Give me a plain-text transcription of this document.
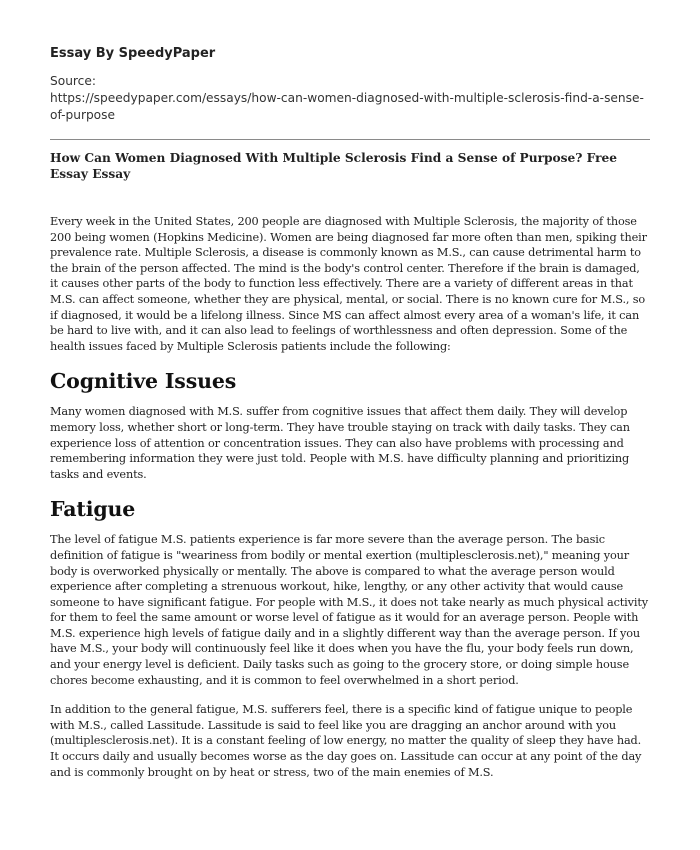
Essay By SpeedyPaper
Source:
https://speedypaper.com/essays/how-can-women-diagnosed-with-multiple-sclerosis-find-a-sense-of-purpose
How Can Women Diagnosed With Multiple Sclerosis Find a Sense of Purpose? Free Essay Essay

Every week in the United States, 200 people are diagnosed with Multiple Sclerosis, the majority of those 200 being women (Hopkins Medicine). Women are being diagnosed far more often than men, spiking their prevalence rate. Multiple Sclerosis, a disease is commonly known as M.S., can cause detrimental harm to the brain of the person affected. The mind is the body's control center. Therefore if the brain is damaged, it causes other parts of the body to function less effectively. There are a variety of different areas in that M.S. can affect someone, whether they are physical, mental, or social. There is no known cure for M.S., so if diagnosed, it would be a lifelong illness. Since MS can affect almost every area of a woman's life, it can be hard to live with, and it can also lead to feelings of worthlessness and often depression. Some of the health issues faced by Multiple Sclerosis patients include the following:

Cognitive Issues

Many women diagnosed with M.S. suffer from cognitive issues that affect them daily. They will develop memory loss, whether short or long-term. They have trouble staying on track with daily tasks. They can experience loss of attention or concentration issues. They can also have problems with processing and remembering information they were just told. People with M.S. have difficulty planning and prioritizing tasks and events.

Fatigue

The level of fatigue M.S. patients experience is far more severe than the average person. The basic definition of fatigue is "weariness from bodily or mental exertion (multiplesclerosis.net)," meaning your body is overworked physically or mentally. The above is compared to what the average person would experience after completing a strenuous workout, hike, lengthy, or any other activity that would cause someone to have significant fatigue. For people with M.S., it does not take nearly as much physical activity for them to feel the same amount or worse level of fatigue as it would for an average person. People with M.S. experience high levels of fatigue daily and in a slightly different way than the average person. If you have M.S., your body will continuously feel like it does when you have the flu, your body feels run down, and your energy level is deficient. Daily tasks such as going to the grocery store, or doing simple house chores become exhausting, and it is common to feel overwhelmed in a short period.

In addition to the general fatigue, M.S. sufferers feel, there is a specific kind of fatigue unique to people with M.S., called Lassitude. Lassitude is said to feel like you are dragging an anchor around with you (multiplesclerosis.net). It is a constant feeling of low energy, no matter the quality of sleep they have had. It occurs daily and usually becomes worse as the day goes on. Lassitude can occur at any point of the day and is commonly brought on by heat or stress, two of the main enemies of M.S.
